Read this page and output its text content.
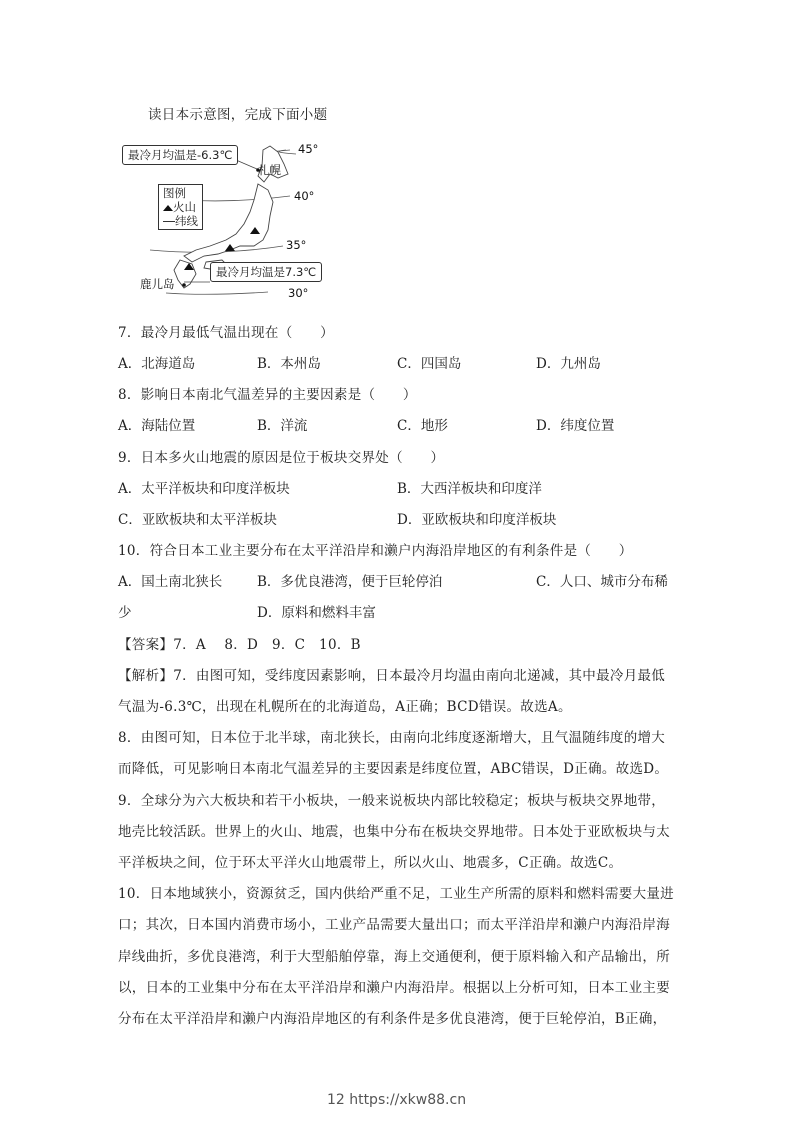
读日本示意图，完成下面小题
最冷月均温是-6.3℃
札幌
45°
40°
35°
30°
图例
火山
纬线
最冷月均温是7.3℃
鹿儿岛
7．最冷月最低气温出现在（　　）
A．北海道岛	B．本州岛	C．四国岛	D．九州岛
8．影响日本南北气温差异的主要因素是（　　）
A．海陆位置	B．洋流	C．地形	D．纬度位置
9．日本多火山地震的原因是位于板块交界处（　　）
A．太平洋板块和印度洋板块	B．大西洋板块和印度洋
C．亚欧板块和太平洋板块	D．亚欧板块和印度洋板块
10．符合日本工业主要分布在太平洋沿岸和濑户内海沿岸地区的有利条件是（　　）
A．国土南北狭长	B．多优良港湾，便于巨轮停泊	C．人口、城市分布稀
少	D．原料和燃料丰富
【答案】7．A　 8．D　9．C　10．B
【解析】7．由图可知，受纬度因素影响，日本最冷月均温由南向北递减，其中最冷月最低
气温为-6.3℃，出现在札幌所在的北海道岛，A正确；BCD错误。故选A。
8．由图可知，日本位于北半球，南北狭长，由南向北纬度逐渐增大，且气温随纬度的增大
而降低，可见影响日本南北气温差异的主要因素是纬度位置，ABC错误，D正确。故选D。
9．全球分为六大板块和若干小板块，一般来说板块内部比较稳定；板块与板块交界地带，
地壳比较活跃。世界上的火山、地震，也集中分布在板块交界地带。日本处于亚欧板块与太
平洋板块之间，位于环太平洋火山地震带上，所以火山、地震多，C正确。故选C。
10．日本地域狭小，资源贫乏，国内供给严重不足，工业生产所需的原料和燃料需要大量进
口；其次，日本国内消费市场小，工业产品需要大量出口；而太平洋沿岸和濑户内海沿岸海
岸线曲折，多优良港湾，利于大型船舶停靠，海上交通便利，便于原料输入和产品输出，所
以，日本的工业集中分布在太平洋沿岸和濑户内海沿岸。根据以上分析可知，日本工业主要
分布在太平洋沿岸和濑户内海沿岸地区的有利条件是多优良港湾，便于巨轮停泊，B正确，
12 https://xkw88.cn
